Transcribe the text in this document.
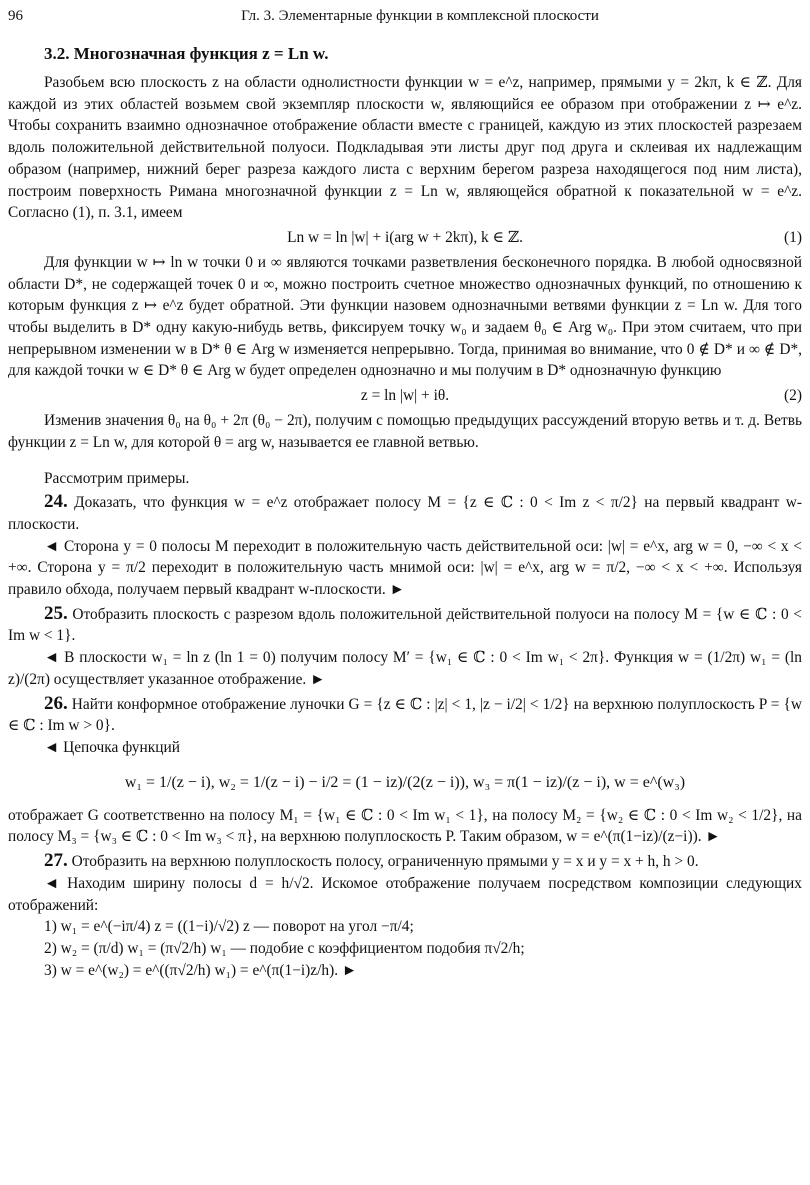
96	Гл. 3. Элементарные функции в комплексной плоскости
3.2. Многозначная функция z = Ln w.

Разобьем всю плоскость z на области однолистности функции w = e^z, например, прямыми y = 2kπ, k ∈ ℤ. Для каждой из этих областей возьмем свой экземпляр плоскости w, являющийся ее образом при отображении z ↦ e^z. Чтобы сохранить взаимно однозначное отображение области вместе с границей, каждую из этих плоскостей разрезаем вдоль положительной действительной полуоси. Подкладывая эти листы друг под друга и склеивая их надлежащим образом (например, нижний берег разреза каждого листа с верхним берегом разреза находящегося под ним листа), построим поверхность Римана многозначной функции z = Ln w, являющейся обратной к показательной w = e^z. Согласно (1), п. 3.1, имеем

Ln w = ln |w| + i(arg w + 2kπ), k ∈ ℤ.	(1)

Для функции w ↦ ln w точки 0 и ∞ являются точками разветвления бесконечного порядка. В любой односвязной области D*, не содержащей точек 0 и ∞, можно построить счетное множество однозначных функций, по отношению к которым функция z ↦ e^z будет обратной. Эти функции назовем однозначными ветвями функции z = Ln w. Для того чтобы выделить в D* одну какую-нибудь ветвь, фиксируем точку w₀ и задаем θ₀ ∈ Arg w₀. При этом считаем, что при непрерывном изменении w в D* θ ∈ Arg w изменяется непрерывно. Тогда, принимая во внимание, что 0 ∉ D* и ∞ ∉ D*, для каждой точки w ∈ D* θ ∈ Arg w будет определен однозначно и мы получим в D* однозначную функцию

z = ln |w| + iθ.	(2)

Изменив значения θ₀ на θ₀ + 2π (θ₀ − 2π), получим с помощью предыдущих рассуждений вторую ветвь и т. д. Ветвь функции z = Ln w, для которой θ = arg w, называется ее главной ветвью.

Рассмотрим примеры.

24. Доказать, что функция w = e^z отображает полосу M = {z ∈ ℂ : 0 < Im z < π/2} на первый квадрант w-плоскости.

◄ Сторона y = 0 полосы M переходит в положительную часть действительной оси: |w| = e^x, arg w = 0, −∞ < x < +∞. Сторона y = π/2 переходит в положительную часть мнимой оси: |w| = e^x, arg w = π/2, −∞ < x < +∞. Используя правило обхода, получаем первый квадрант w-плоскости. ►

25. Отобразить плоскость с разрезом вдоль положительной действительной полуоси на полосу M = {w ∈ ℂ : 0 < Im w < 1}.

◄ В плоскости w₁ = ln z (ln 1 = 0) получим полосу M′ = {w₁ ∈ ℂ : 0 < Im w₁ < 2π}. Функция w = (1/2π) w₁ = (ln z)/(2π) осуществляет указанное отображение. ►

26. Найти конформное отображение луночки G = {z ∈ ℂ : |z| < 1, |z − i/2| < 1/2} на верхнюю полуплоскость P = {w ∈ ℂ : Im w > 0}.

◄ Цепочка функций

w₁ = 1/(z − i), w₂ = 1/(z − i) − i/2 = (1 − iz)/(2(z − i)), w₃ = π(1 − iz)/(z − i), w = e^(w₃)

отображает G соответственно на полосу M₁ = {w₁ ∈ ℂ : 0 < Im w₁ < 1}, на полосу M₂ = {w₂ ∈ ℂ : 0 < Im w₂ < 1/2}, на полосу M₃ = {w₃ ∈ ℂ : 0 < Im w₃ < π}, на верхнюю полуплоскость P. Таким образом, w = e^(π(1−iz)/(z−i)). ►

27. Отобразить на верхнюю полуплоскость полосу, ограниченную прямыми y = x и y = x + h, h > 0.

◄ Находим ширину полосы d = h/√2. Искомое отображение получаем посредством композиции следующих отображений:

1) w₁ = e^(−iπ/4) z = ((1−i)/√2) z — поворот на угол −π/4;

2) w₂ = (π/d) w₁ = (π√2/h) w₁ — подобие с коэффициентом подобия π√2/h;

3) w = e^(w₂) = e^((π√2/h) w₁) = e^(π(1−i)z/h). ►
